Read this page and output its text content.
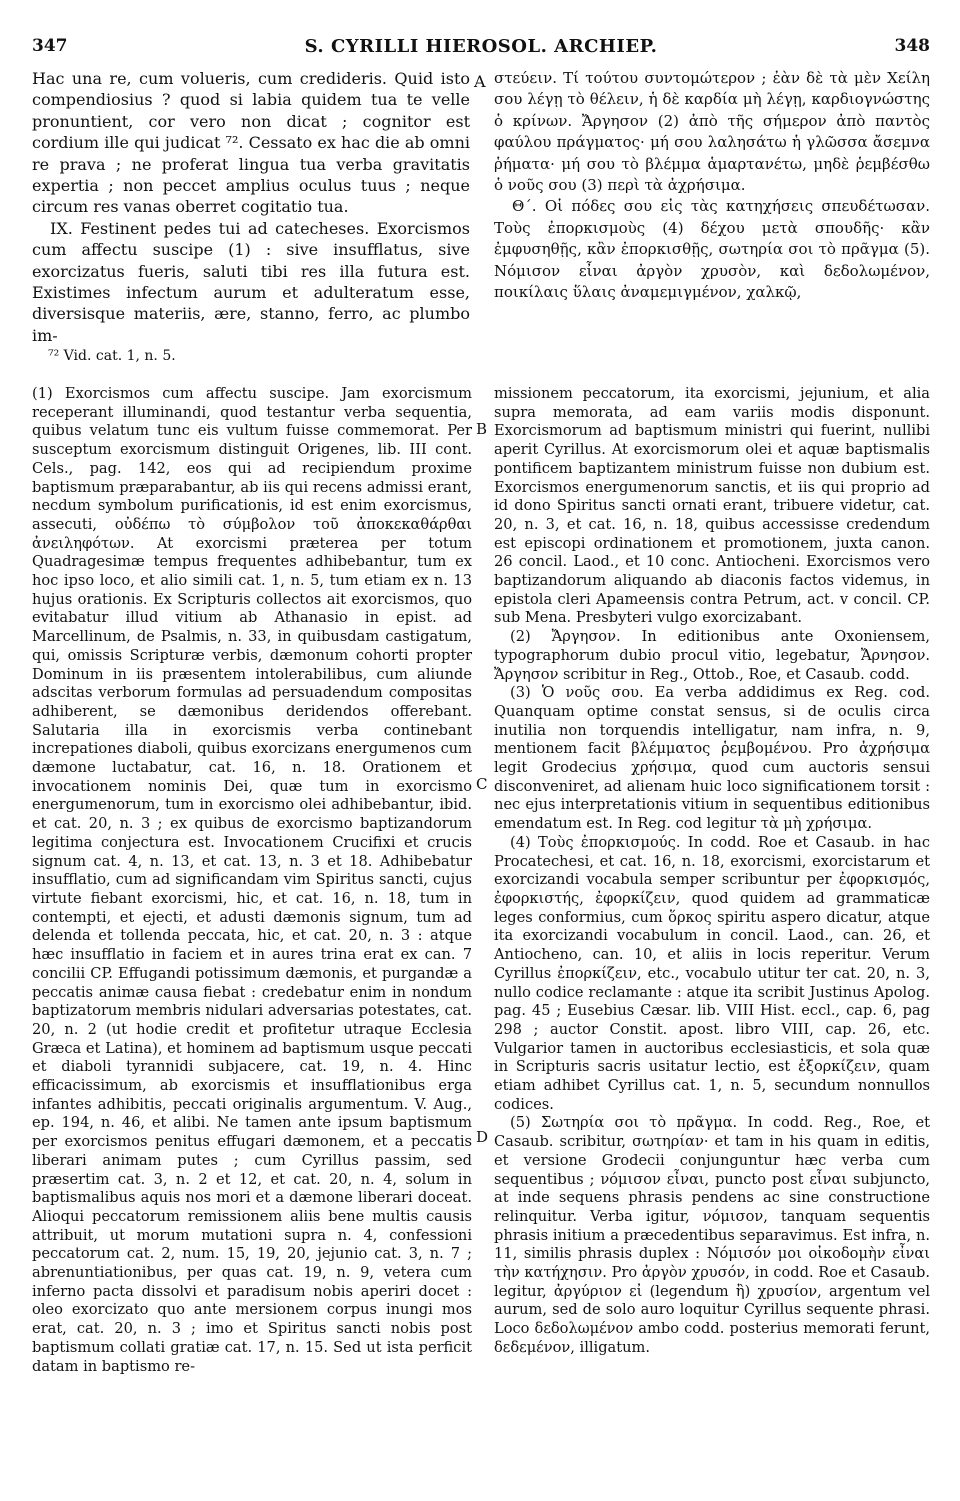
347	S. CYRILLI HIEROSOL. ARCHIEP.	348
A
B
C
D

Hac una re, cum volueris, cum credideris. Quid isto compendiosius ? quod si labia quidem tua te velle pronuntient, cor vero non dicat ; cognitor est cordium ille qui judicat ⁷². Cessato ex hac die ab omni re prava ; ne proferat lingua tua verba gravitatis expertia ; non peccet amplius oculus tuus ; neque circum res vanas oberret cogitatio tua.

IX. Festinent pedes tui ad catecheses. Exorcismos cum affectu suscipe (1) : sive insufflatus, sive exorcizatus fueris, saluti tibi res illa futura est. Existimes infectum aurum et adulteratum esse, diversisque materiis, ære, stanno, ferro, ac plumbo im-

στεύειν. Τί τούτου συντομώτερον ; ἐὰν δὲ τὰ μὲν Χείλη σου λέγῃ τὸ θέλειν, ἡ δὲ καρδία μὴ λέγῃ, καρδιογνώστης ὁ κρίνων. Ἄργησον (2) ἀπὸ τῆς σήμερον ἀπὸ παντὸς φαύλου πράγματος· μή σου λαλησάτω ἡ γλῶσσα ἄσεμνα ῥήματα· μή σου τὸ βλέμμα ἁμαρτανέτω, μηδὲ ῥεμβέσθω ὁ νοῦς σου (3) περὶ τὰ ἀχρήσιμα.

Θ΄. Οἱ πόδες σου εἰς τὰς κατηχήσεις σπευδέτωσαν. Τοὺς ἐπορκισμοὺς (4) δέχου μετὰ σπουδῆς· κἂν ἐμφυσηθῇς, κἂν ἐπορκισθῇς, σωτηρία σοι τὸ πρᾶγμα (5). Νόμισον εἶναι ἀργὸν χρυσὸν, καὶ δεδολωμένον, ποικίλαις ὕλαις ἀναμεμιγμένον, χαλκῷ,

⁷² Vid. cat. 1, n. 5.

(1) Exorcismos cum affectu suscipe. Jam exorcismum receperant illuminandi, quod testantur verba sequentia, quibus velatum tunc eis vultum fuisse commemorat. Per susceptum exorcismum distinguit Origenes, lib. III cont. Cels., pag. 142, eos qui ad recipiendum proxime baptismum præparabantur, ab iis qui recens admissi erant, necdum symbolum purificationis, id est enim exorcismus, assecuti, οὐδέπω τὸ σύμβολον τοῦ ἀποκεκαθάρθαι ἀνειληφότων. At exorcismi præterea per totum Quadragesimæ tempus frequentes adhibebantur, tum ex hoc ipso loco, et alio simili cat. 1, n. 5, tum etiam ex n. 13 hujus orationis. Ex Scripturis collectos ait exorcismos, quo evitabatur illud vitium ab Athanasio in epist. ad Marcellinum, de Psalmis, n. 33, in quibusdam castigatum, qui, omissis Scripturæ verbis, dæmonum cohorti propter Dominum in iis præsentem intolerabilibus, cum aliunde adscitas verborum formulas ad persuadendum compositas adhiberent, se dæmonibus deridendos offerebant. Salutaria illa in exorcismis verba continebant increpationes diaboli, quibus exorcizans energumenos cum dæmone luctabatur, cat. 16, n. 18. Orationem et invocationem nominis Dei, quæ tum in exorcismo energumenorum, tum in exorcismo olei adhibebantur, ibid. et cat. 20, n. 3 ; ex quibus de exorcismo baptizandorum legitima conjectura est. Invocationem Crucifixi et crucis signum cat. 4, n. 13, et cat. 13, n. 3 et 18. Adhibebatur insufflatio, cum ad significandam vim Spiritus sancti, cujus virtute fiebant exorcismi, hic, et cat. 16, n. 18, tum in contempti, et ejecti, et adusti dæmonis signum, tum ad delenda et tollenda peccata, hic, et cat. 20, n. 3 : atque hæc insufflatio in faciem et in aures trina erat ex can. 7 concilii CP. Effugandi potissimum dæmonis, et purgandæ a peccatis animæ causa fiebat : credebatur enim in nondum baptizatorum membris nidulari adversarias potestates, cat. 20, n. 2 (ut hodie credit et profitetur utraque Ecclesia Græca et Latina), et hominem ad baptismum usque peccati et diaboli tyrannidi subjacere, cat. 19, n. 4. Hinc efficacissimum, ab exorcismis et insufflationibus erga infantes adhibitis, peccati originalis argumentum. V. Aug., ep. 194, n. 46, et alibi. Ne tamen ante ipsum baptismum per exorcismos penitus effugari dæmonem, et a peccatis liberari animam putes ; cum Cyrillus passim, sed præsertim cat. 3, n. 2 et 12, et cat. 20, n. 4, solum in baptismalibus aquis nos mori et a dæmone liberari doceat. Alioqui peccatorum remissionem aliis bene multis causis attribuit, ut morum mutationi supra n. 4, confessioni peccatorum cat. 2, num. 15, 19, 20, jejunio cat. 3, n. 7 ; abrenuntiationibus, per quas cat. 19, n. 9, vetera cum inferno pacta dissolvi et paradisum nobis aperiri docet : oleo exorcizato quo ante mersionem corpus inungi mos erat, cat. 20, n. 3 ; imo et Spiritus sancti nobis post baptismum collati gratiæ cat. 17, n. 15. Sed ut ista perficit datam in baptismo re-

missionem peccatorum, ita exorcismi, jejunium, et alia supra memorata, ad eam variis modis disponunt. Exorcismorum ad baptismum ministri qui fuerint, nullibi aperit Cyrillus. At exorcismorum olei et aquæ baptismalis pontificem baptizantem ministrum fuisse non dubium est. Exorcismos energumenorum sanctis, et iis qui proprio ad id dono Spiritus sancti ornati erant, tribuere videtur, cat. 20, n. 3, et cat. 16, n. 18, quibus accessisse credendum est episcopi ordinationem et promotionem, juxta canon. 26 concil. Laod., et 10 conc. Antiocheni. Exorcismos vero baptizandorum aliquando ab diaconis factos videmus, in epistola cleri Apameensis contra Petrum, act. v concil. CP. sub Mena. Presbyteri vulgo exorcizabant.

(2) Ἄργησον. In editionibus ante Oxoniensem, typographorum dubio procul vitio, legebatur, Ἄρνησον. Ἄργησον scribitur in Reg., Ottob., Roe, et Casaub. codd.

(3) Ὁ νοῦς σου. Ea verba addidimus ex Reg. cod. Quanquam optime constat sensus, si de oculis circa inutilia non torquendis intelligatur, nam infra, n. 9, mentionem facit βλέμματος ῥεμβομένου. Pro ἀχρήσιμα legit Grodecius χρήσιμα, quod cum auctoris sensui disconveniret, ad alienam huic loco significationem torsit : nec ejus interpretationis vitium in sequentibus editionibus emendatum est. In Reg. cod legitur τὰ μὴ χρήσιμα.

(4) Τοὺς ἐπορκισμούς. In codd. Roe et Casaub. in hac Procatechesi, et cat. 16, n. 18, exorcismi, exorcistarum et exorcizandi vocabula semper scribuntur per ἐφορκισμός, ἐφορκιστής, ἐφορκίζειν, quod quidem ad grammaticæ leges conformius, cum ὅρκος spiritu aspero dicatur, atque ita exorcizandi vocabulum in concil. Laod., can. 26, et Antiocheno, can. 10, et aliis in locis reperitur. Verum Cyrillus ἐπορκίζειν, etc., vocabulo utitur ter cat. 20, n. 3, nullo codice reclamante : atque ita scribit Justinus Apolog. pag. 45 ; Eusebius Cæsar. lib. VIII Hist. eccl., cap. 6, pag 298 ; auctor Constit. apost. libro VIII, cap. 26, etc. Vulgarior tamen in auctoribus ecclesiasticis, et sola quæ in Scripturis sacris usitatur lectio, est ἐξορκίζειν, quam etiam adhibet Cyrillus cat. 1, n. 5, secundum nonnullos codices.

(5) Σωτηρία σοι τὸ πρᾶγμα. In codd. Reg., Roe, et Casaub. scribitur, σωτηρίαν· et tam in his quam in editis, et versione Grodecii conjunguntur hæc verba cum sequentibus ; νόμισον εἶναι, puncto post εἶναι subjuncto, at inde sequens phrasis pendens ac sine constructione relinquitur. Verba igitur, νόμισον, tanquam sequentis phrasis initium a præcedentibus separavimus. Est infra, n. 11, similis phrasis duplex : Νόμισόν μοι οἰκοδομὴν εἶναι τὴν κατήχησιν. Pro ἀργὸν χρυσόν, in codd. Roe et Casaub. legitur, ἀργύριον εἰ (legendum ἢ) χρυσίον, argentum vel aurum, sed de solo auro loquitur Cyrillus sequente phrasi. Loco δεδολωμένον ambo codd. posterius memorati ferunt, δεδεμένον, illigatum.
